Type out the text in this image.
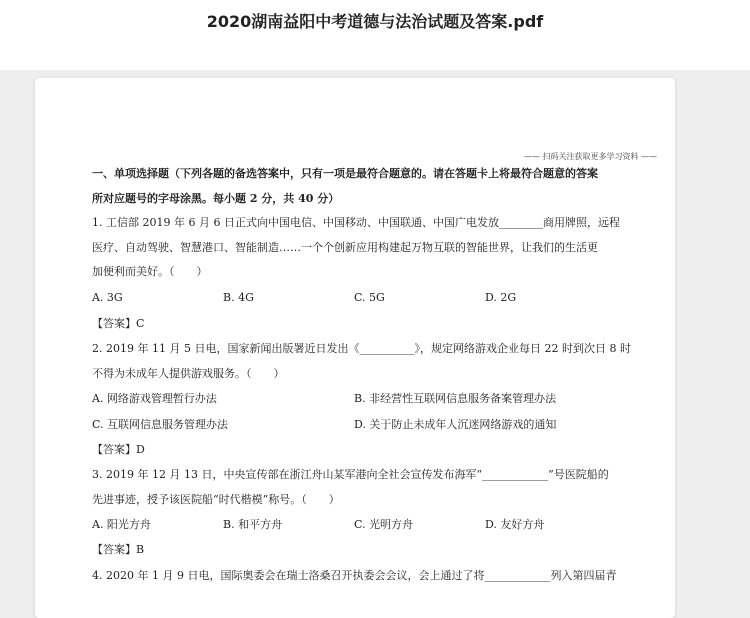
2020湖南益阳中考道德与法治试题及答案.pdf
—— 扫码关注获取更多学习资料 ——
一、单项选择题（下列各题的备选答案中，只有一项是最符合题意的。请在答题卡上将最符合题意的答案
所对应题号的字母涂黑。每小题 2 分，共 40 分）
1. 工信部 2019 年 6 月 6 日正式向中国电信、中国移动、中国联通、中国广电发放________商用牌照，远程
医疗、自动驾驶、智慧港口、智能制造……一个个创新应用构建起万物互联的智能世界，让我们的生活更
加便利而美好。（　　）
A. 3G	B. 4G	C. 5G	D. 2G
【答案】C
2. 2019 年 11 月 5 日电，国家新闻出版署近日发出《__________》，规定网络游戏企业每日 22 时到次日 8 时
不得为未成年人提供游戏服务。（　　）
A. 网络游戏管理暂行办法	B. 非经营性互联网信息服务备案管理办法
C. 互联网信息服务管理办法	D. 关于防止未成年人沉迷网络游戏的通知
【答案】D
3. 2019 年 12 月 13 日，中央宣传部在浙江舟山某军港向全社会宣传发布海军“____________”号医院船的
先进事迹，授予该医院船“时代楷模”称号。（　　）
A. 阳光方舟	B. 和平方舟	C. 光明方舟	D. 友好方舟
【答案】B
4. 2020 年 1 月 9 日电，国际奥委会在瑞士洛桑召开执委会会议，会上通过了将____________列入第四届青
